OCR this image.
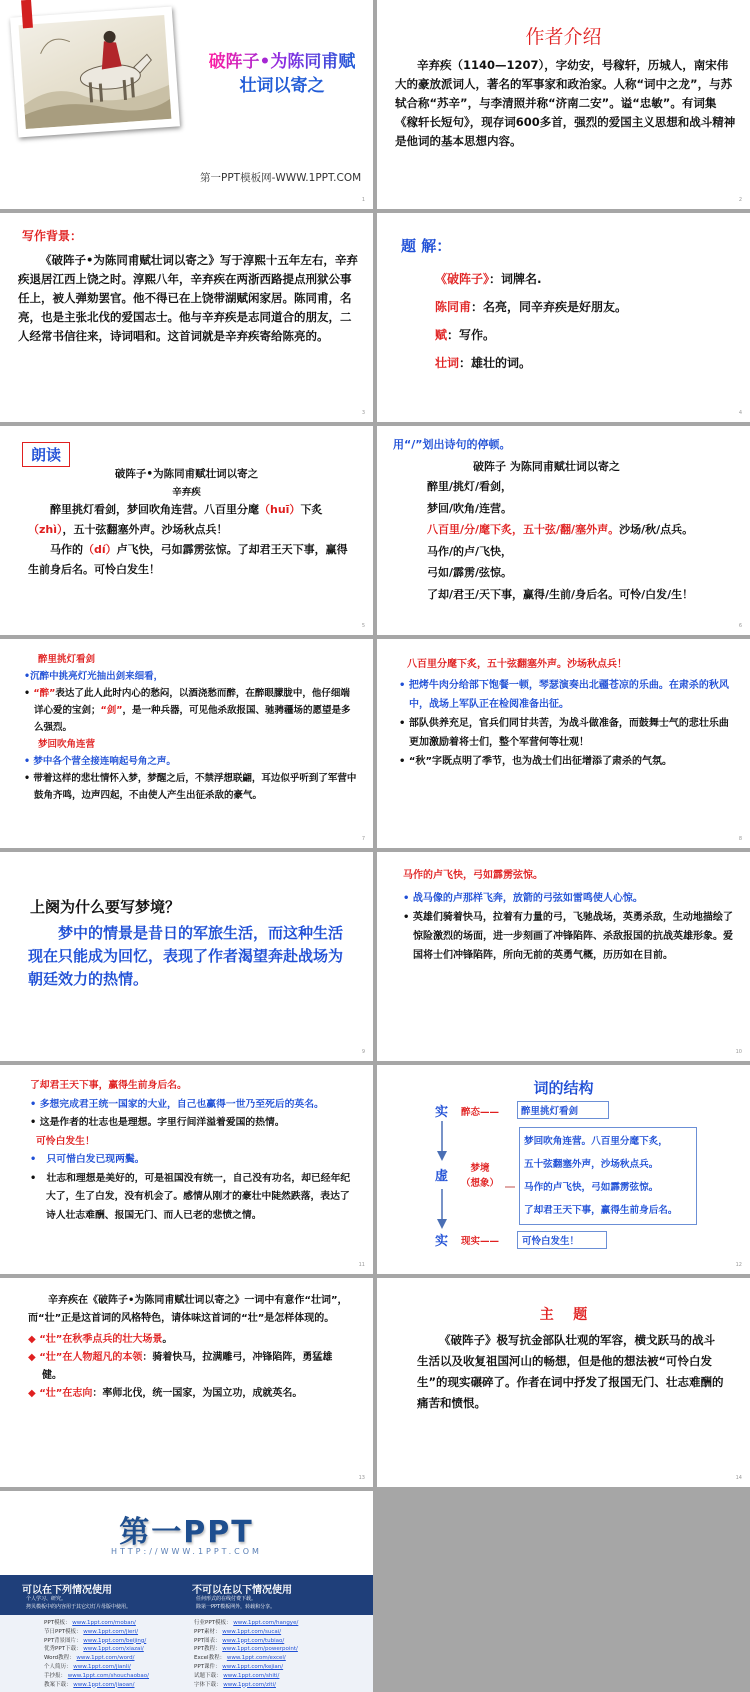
破阵子•为陈同甫赋

壮词以寄之

第一PPT模板网-WWW.1PPT.COM

1

作者介绍

辛弃疾（1140—1207），字幼安，号稼轩，历城人，南宋伟大的豪放派词人，著名的军事家和政治家。人称“词中之龙”，与苏轼合称“苏辛”，与李清照并称“济南二安”。谥“忠敏”。有词集《稼轩长短句》，现存词600多首，强烈的爱国主义思想和战斗精神是他词的基本思想内容。

2

写作背景：

《破阵子•为陈同甫赋壮词以寄之》写于淳熙十五年左右，辛弃疾退居江西上饶之时。淳熙八年，辛弃疾在两浙西路提点刑狱公事任上，被人弹劾罢官。他不得已在上饶带湖赋闲家居。陈同甫，名亮，也是主张北伐的爱国志士。他与辛弃疾是志同道合的朋友，二人经常书信往来，诗词唱和。这首词就是辛弃疾寄给陈亮的。

3

题 解：

《破阵子》：词牌名.

陈同甫：名亮，同辛弃疾是好朋友。

赋：写作。

壮词：雄壮的词。

4
朗读

破阵子•为陈同甫赋壮词以寄之

辛弃疾

醉里挑灯看剑，梦回吹角连营。八百里分麾（huī）下炙（zhì），五十弦翻塞外声。沙场秋点兵！

马作的（dí）卢飞快，弓如霹雳弦惊。了却君王天下事，赢得生前身后名。可怜白发生！

5

用“/”划出诗句的停顿。

破阵子 为陈同甫赋壮词以寄之

醉里/挑灯/看剑，

梦回/吹角/连营。

八百里/分/麾下炙，五十弦/翻/塞外声。沙场/秋/点兵。

马作/的卢/飞快，

弓如/霹雳/弦惊。

了却/君王/天下事，赢得/生前/身后名。可怜/白发/生！

6

醉里挑灯看剑

•沉醉中挑亮灯光抽出剑来细看，

• “醉”表达了此人此时内心的愁闷，以酒浇愁而醉，在醉眼朦胧中，他仔细端详心爱的宝剑；“剑”，是一种兵器，可见他杀敌报国、驰骋疆场的愿望是多么强烈。

梦回吹角连营

• 梦中各个营全接连响起号角之声。

• 带着这样的悲壮情怀入梦，梦醒之后，不禁浮想联翩，耳边似乎听到了军营中鼓角齐鸣，边声四起，不由使人产生出征杀敌的豪气。

7

八百里分麾下炙，五十弦翻塞外声。沙场秋点兵！

• 把烤牛肉分给部下饱餐一顿，琴瑟演奏出北疆苍凉的乐曲。在肃杀的秋风中，战场上军队正在检阅准备出征。

• 部队供养充足，官兵们同甘共苦，为战斗做准备，而鼓舞士气的悲壮乐曲更加激励着将士们，整个军营何等壮观！

• “秋”字既点明了季节，也为战士们出征增添了肃杀的气氛。

8

上阕为什么要写梦境？

梦中的情景是昔日的军旅生活，而这种生活现在只能成为回忆，表现了作者渴望奔赴战场为朝廷效力的热情。

9

马作的卢飞快，弓如霹雳弦惊。

• 战马像的卢那样飞奔，放箭的弓弦如雷鸣使人心惊。

• 英雄们骑着快马，拉着有力量的弓，飞驰战场，英勇杀敌，生动地描绘了惊险激烈的场面，进一步刻画了冲锋陷阵、杀敌报国的抗战英雄形象。爱国将士们冲锋陷阵，所向无前的英勇气概，历历如在目前。

10

了却君王天下事，赢得生前身后名。

• 多想完成君王统一国家的大业，自己也赢得一世乃至死后的英名。

• 这是作者的壮志也是理想。字里行间洋溢着爱国的热情。

可怜白发生！

•   只可惜白发已现两鬓。

•   壮志和理想是美好的，可是祖国没有统一，自己没有功名，却已经年纪大了，生了白发，没有机会了。感情从刚才的豪壮中陡然跌落，表达了诗人壮志难酬、报国无门、而人已老的悲愤之情。

11

词的结构

实
虚
实
醉态——	醉里挑灯看剑

梦境

（想象）

梦回吹角连营。八百里分麾下炙，

五十弦翻塞外声，沙场秋点兵。

马作的卢飞快，弓如霹雳弦惊。

了却君王天下事，赢得生前身后名。

现实——	可怜白发生！
12

辛弃疾在《破阵子•为陈同甫赋壮词以寄之》一词中有意作“壮词”，而“壮”正是这首词的风格特色，请体味这首词的“壮”是怎样体现的。

◆ “壮”在秋季点兵的壮大场景。

◆ “壮”在人物超凡的本领：骑着快马，拉满雕弓，冲锋陷阵，勇猛雄健。

◆ “壮”在志向：率师北伐，统一国家，为国立功，成就英名。

13

主    题

《破阵子》极写抗金部队壮观的军容，横戈跃马的战斗生活以及收复祖国河山的畅想，但是他的想法被“可怜白发生”的现实碾碎了。作者在词中抒发了报国无门、壮志难酬的痛苦和愤恨。

14

第一PPT

HTTP://WWW.1PPT.COM

可以在下列情况使用

个人学习、研究。

拷贝模板中的内容用于其它幻灯片母版中使用。

不可以在以下情况使用

任何形式的在线付费下载。

除第一PPT模板网外，转载和分享。

PPT模板： www.1ppt.com/moban/

节日PPT模板： www.1ppt.com/jieri/

PPT背景图片： www.1ppt.com/beijing/

优秀PPT下载： www.1ppt.com/xiazai/

Word教程： www.1ppt.com/word/

个人简历： www.1ppt.com/jianli/

手抄报： www.1ppt.com/shouchaobao/

教案下载： www.1ppt.com/jiaoan/

行业PPT模板： www.1ppt.com/hangye/

PPT素材： www.1ppt.com/sucai/

PPT图表： www.1ppt.com/tubiao/

PPT教程： www.1ppt.com/powerpoint/

Excel教程： www.1ppt.com/excel/

PPT课件： www.1ppt.com/kejian/

试题下载： www.1ppt.com/shiti/

字体下载： www.1ppt.com/ziti/
